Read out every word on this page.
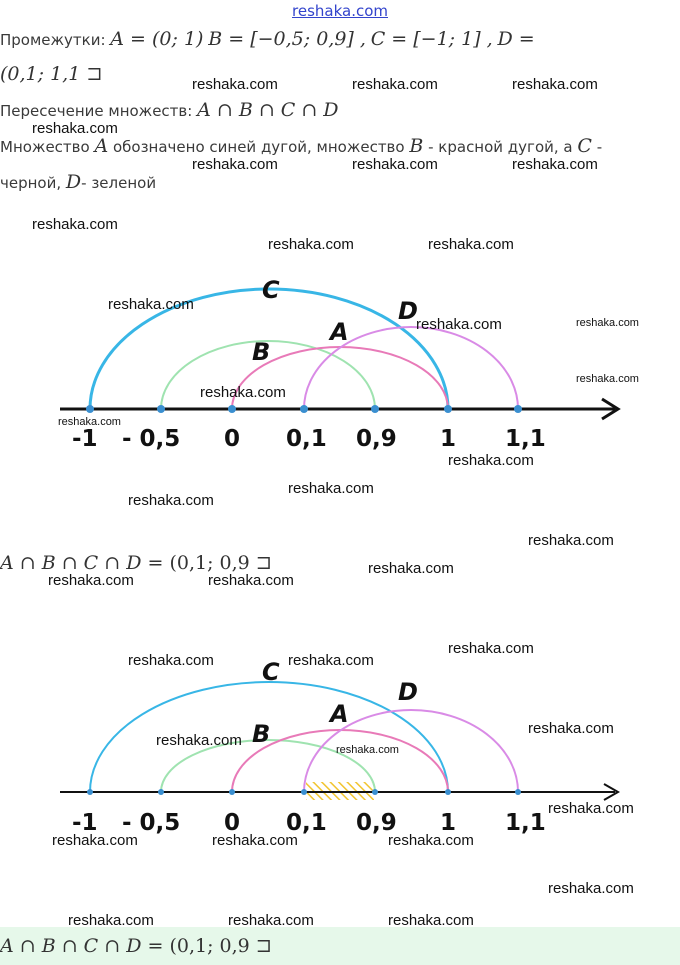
reshaka.com
Промежутки: A = (0; 1) B = [−0,5; 0,9] , C = [−1; 1] , D =
(0,1; 1,1 ⊐
Пересечение множеств: A ∩ B ∩ C ∩ D
Множество A обозначено синей дугой, множество B - красной дугой, а C -
черной, D- зеленой
-1 - 0,5 0 0,1 0,9 1 1,1
C
A
D
B
A ∩ B ∩ C ∩ D = (0,1; 0,9 ⊐
-1 - 0,5 0 0,1 0,9 1 1,1
C
D
A
B
A ∩ B ∩ C ∩ D = (0,1; 0,9 ⊐
reshaka.com	reshaka.com	reshaka.com
reshaka.com
reshaka.com	reshaka.com	reshaka.com
reshaka.com
reshaka.com	reshaka.com
reshaka.com
reshaka.com	reshaka.com
reshaka.com
reshaka.com
reshaka.com
reshaka.com
reshaka.com
reshaka.com
reshaka.com
reshaka.com
reshaka.com	reshaka.com
reshaka.com
reshaka.com	reshaka.com
reshaka.com
reshaka.com
reshaka.com
reshaka.com
reshaka.com	reshaka.com	reshaka.com
reshaka.com
reshaka.com	reshaka.com	reshaka.com
